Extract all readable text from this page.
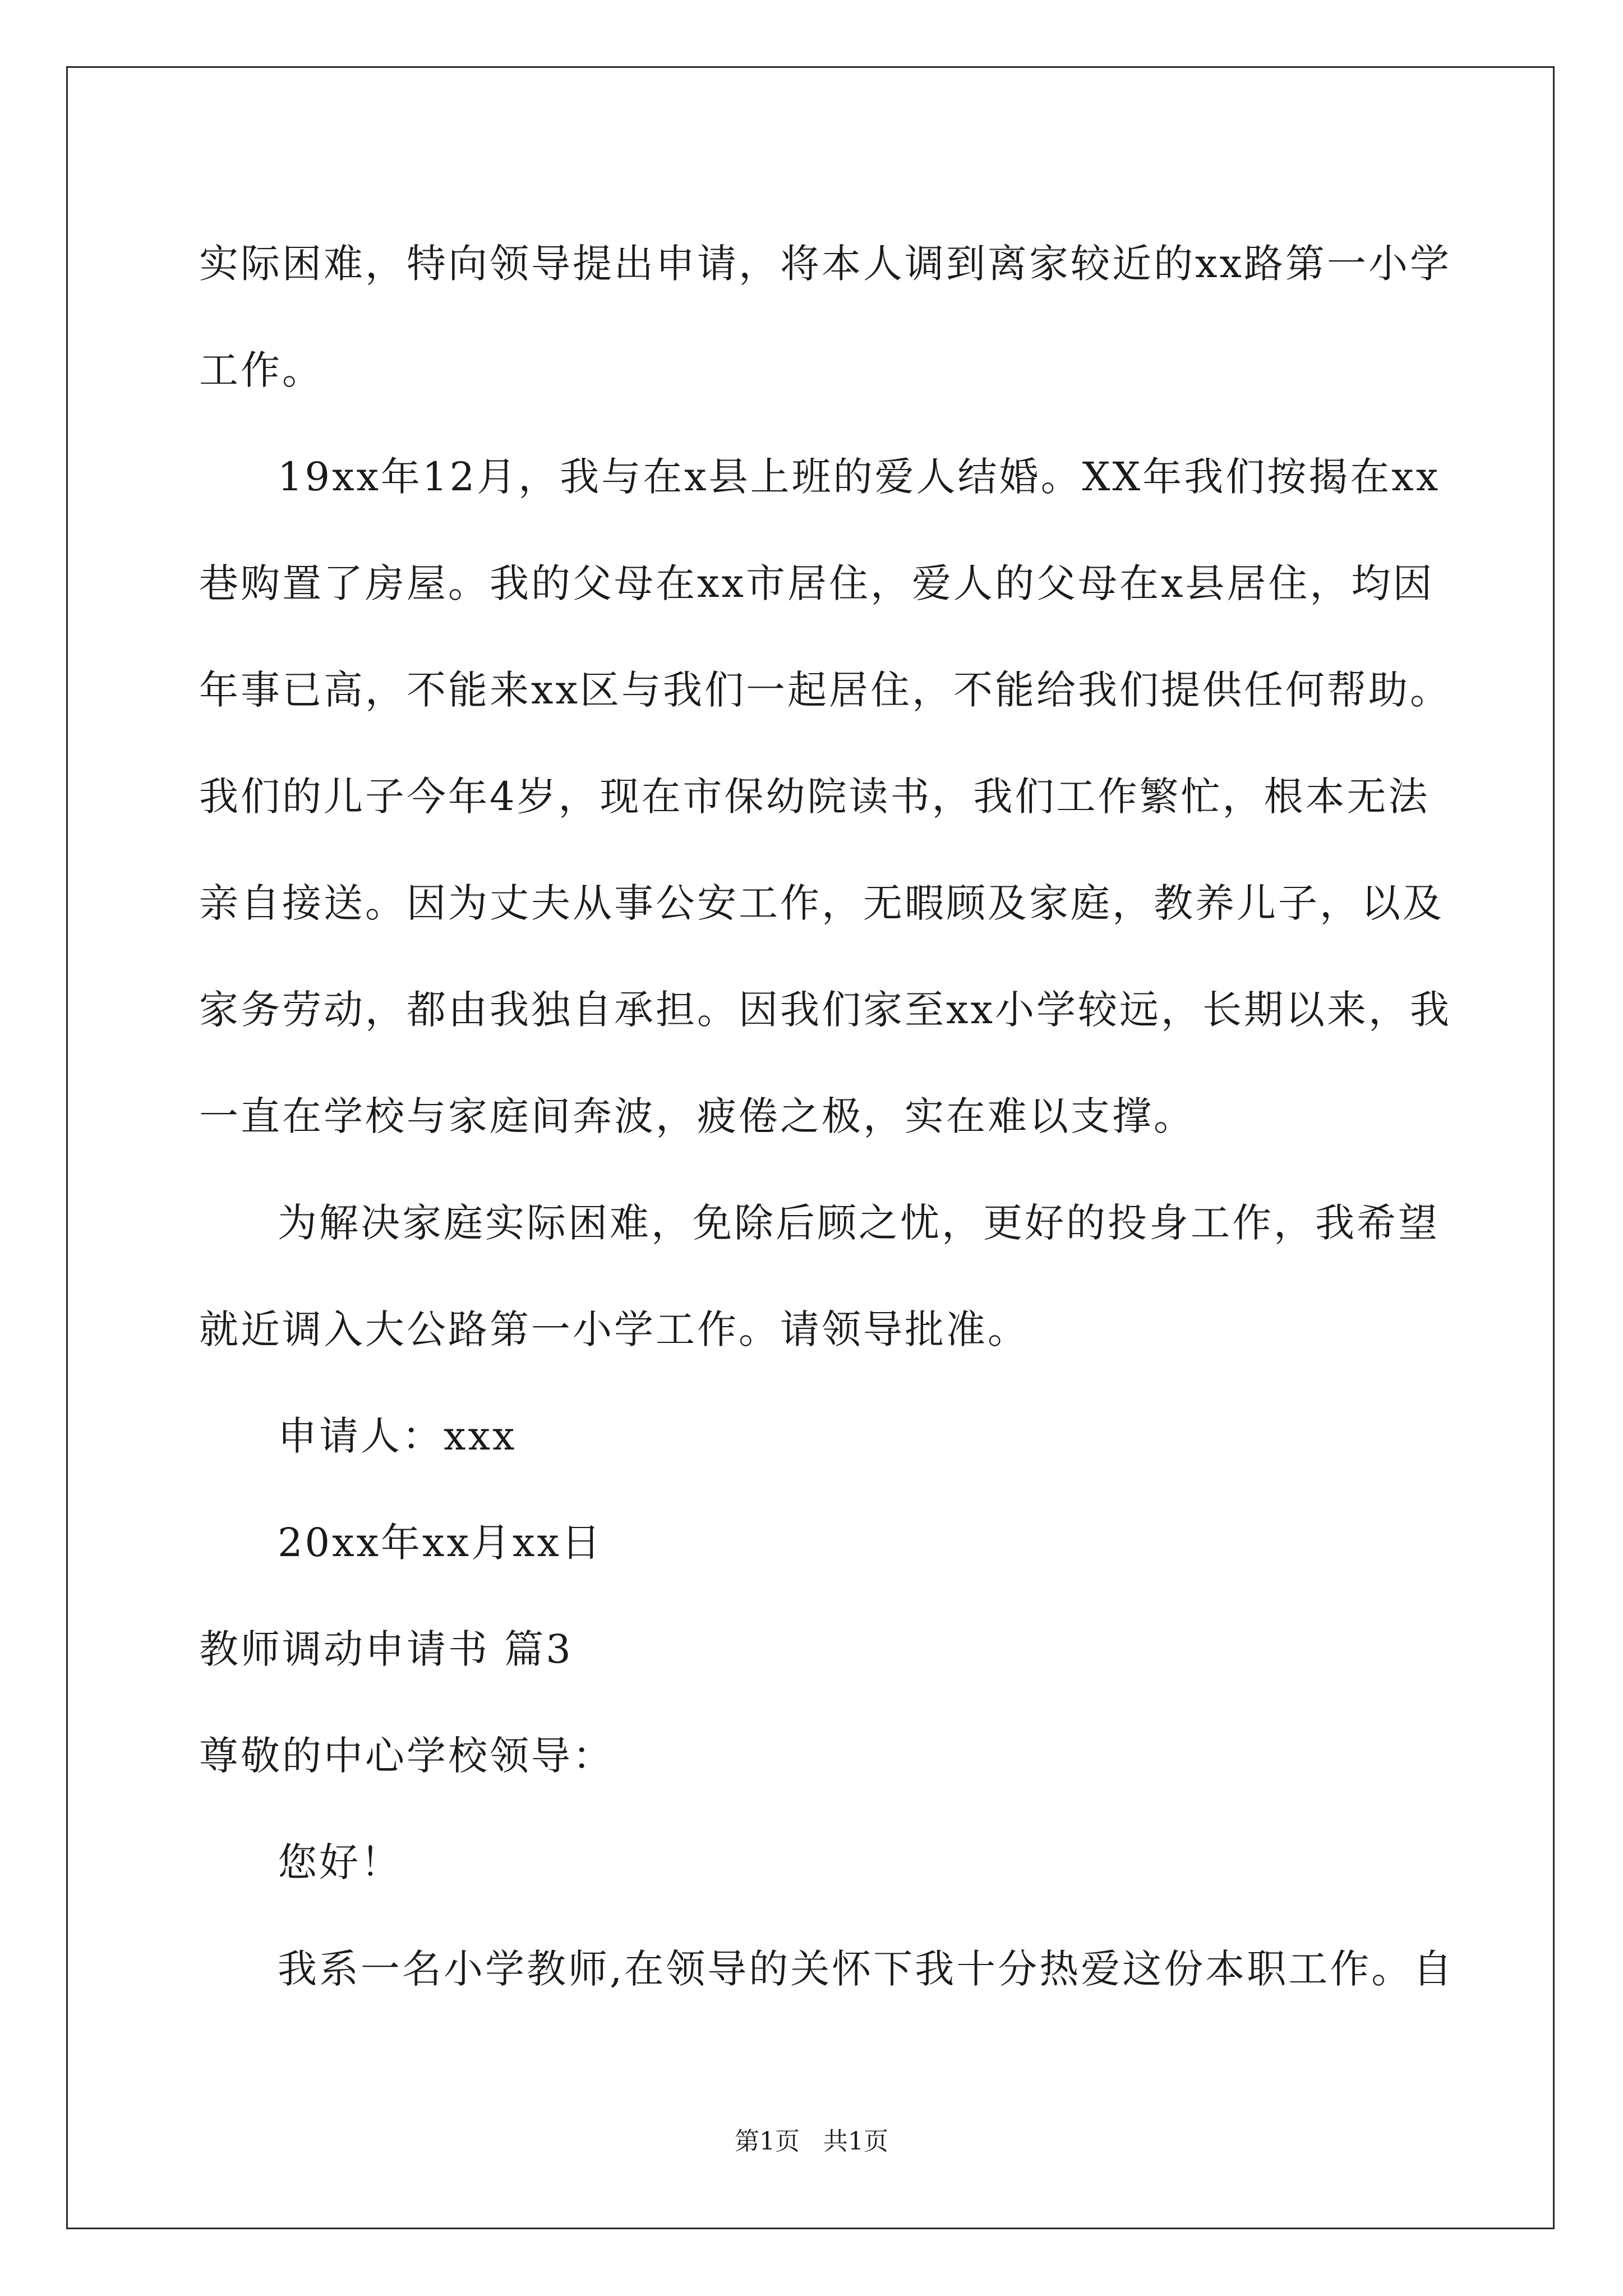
实际困难，特向领导提出申请，将本人调到离家较近的xx路第一小学
工作。
19xx年12月，我与在x县上班的爱人结婚。XX年我们按揭在xx
巷购置了房屋。我的父母在xx市居住，爱人的父母在x县居住，均因
年事已高，不能来xx区与我们一起居住，不能给我们提供任何帮助。
我们的儿子今年4岁，现在市保幼院读书，我们工作繁忙，根本无法
亲自接送。因为丈夫从事公安工作，无暇顾及家庭，教养儿子，以及
家务劳动，都由我独自承担。因我们家至xx小学较远，长期以来，我
一直在学校与家庭间奔波，疲倦之极，实在难以支撑。
为解决家庭实际困难，免除后顾之忧，更好的投身工作，我希望
就近调入大公路第一小学工作。请领导批准。
申请人：xxx
20xx年xx月xx日
教师调动申请书 篇3
尊敬的中心学校领导：
您好！
我系一名小学教师,在领导的关怀下我十分热爱这份本职工作。自
第1页   共1页
